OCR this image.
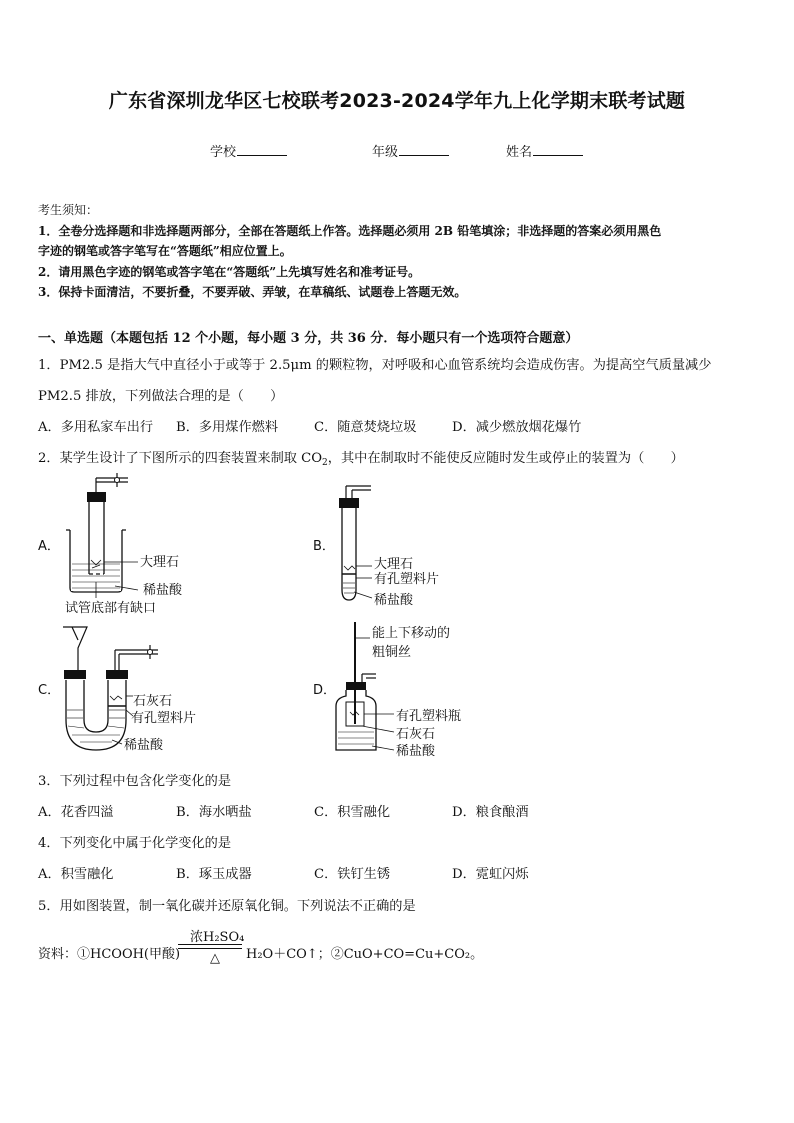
广东省深圳龙华区七校联考2023-2024学年九上化学期末联考试题
学校	年级	姓名
考生须知：
1．全卷分选择题和非选择题两部分，全部在答题纸上作答。选择题必须用 2B 铅笔填涂；非选择题的答案必须用黑色
字迹的钢笔或答字笔写在“答题纸”相应位置上。
2．请用黑色字迹的钢笔或答字笔在“答题纸”上先填写姓名和准考证号。
3．保持卡面清洁，不要折叠，不要弄破、弄皱，在草稿纸、试题卷上答题无效。
一、单选题（本题包括 12 个小题，每小题 3 分，共 36 分．每小题只有一个选项符合题意）
1．PM2.5 是指大气中直径小于或等于 2.5μm 的颗粒物，对呼吸和心血管系统均会造成伤害。为提高空气质量减少
PM2.5 排放，下列做法合理的是（　　）
A．多用私家车出行 B．多用煤作燃料	C．随意焚烧垃圾	D．减少燃放烟花爆竹
2．某学生设计了下图所示的四套装置来制取 $CO_2$，其中在制取时不能使反应随时发生或停止的装置为（　　）
A．
大理石
稀盐酸
试管底部有缺口
B．
大理石
有孔塑料片
稀盐酸
C．
石灰石
有孔塑料片
稀盐酸
D．
能上下移动的
粗铜丝
有孔塑料瓶
石灰石
稀盐酸
3．下列过程中包含化学变化的是
A．花香四溢	B．海水晒盐	C．积雪融化	D．粮食酿酒
4．下列变化中属于化学变化的是
A．积雪融化	B．琢玉成器	C．铁钉生锈	D．霓虹闪烁
5．用如图装置，制一氧化碳并还原氧化铜。下列说法不正确的是
资料：①HCOOH(甲酸)
浓H₂SO₄
△	H₂O＋CO↑；②CuO+CO=Cu+CO₂。
